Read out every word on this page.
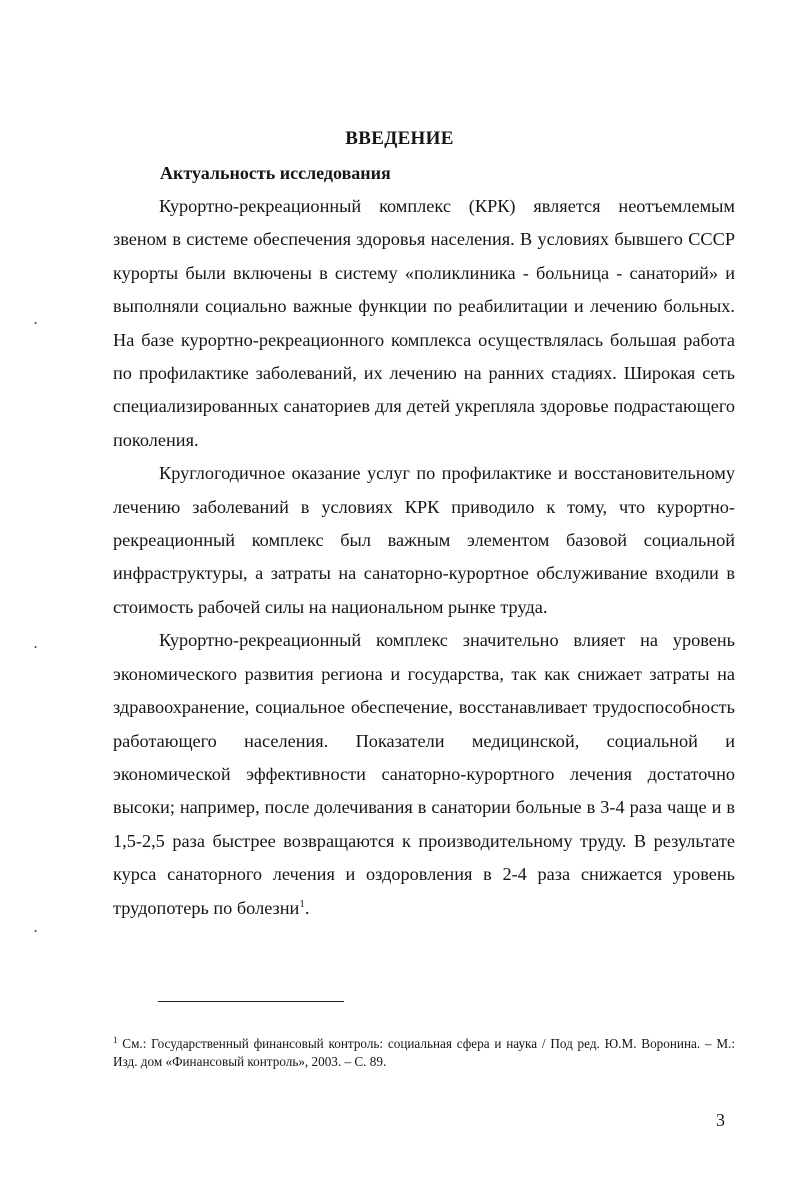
ВВЕДЕНИЕ
Актуальность исследования

Курортно-рекреационный комплекс (КРК) является неотъемлемым звеном в системе обеспечения здоровья населения. В условиях бывшего СССР курорты были включены в систему «поликлиника - больница - санаторий» и выполняли социально важные функции по реабилитации и лечению больных. На базе курортно-рекреационного комплекса осуществлялась большая работа по профилактике заболеваний, их лечению на ранних стадиях. Широкая сеть специализированных санаториев для детей укрепляла здоровье подрастающего поколения.

Круглогодичное оказание услуг по профилактике и восстановительному лечению заболеваний в условиях КРК приводило к тому, что курортно-рекреационный комплекс был важным элементом базовой социальной инфраструктуры, а затраты на санаторно-курортное обслуживание входили в стоимость рабочей силы на национальном рынке труда.

Курортно-рекреационный комплекс значительно влияет на уровень экономического развития региона и государства, так как снижает затраты на здравоохранение, социальное обеспечение, восстанавливает трудоспособность работающего населения. Показатели медицинской, социальной и экономической эффективности санаторно-курортного лечения достаточно высоки; например, после долечивания в санатории больные в 3-4 раза чаще и в 1,5-2,5 раза быстрее возвращаются к производительному труду. В результате курса санаторного лечения и оздоровления в 2-4 раза снижается уровень трудопотерь по болезни$^1$.

$^1$ См.: Государственный финансовый контроль: социальная сфера и наука / Под ред. Ю.М. Воронина. – М.: Изд. дом «Финансовый контроль», 2003. – С. 89.
3
·
·
·
